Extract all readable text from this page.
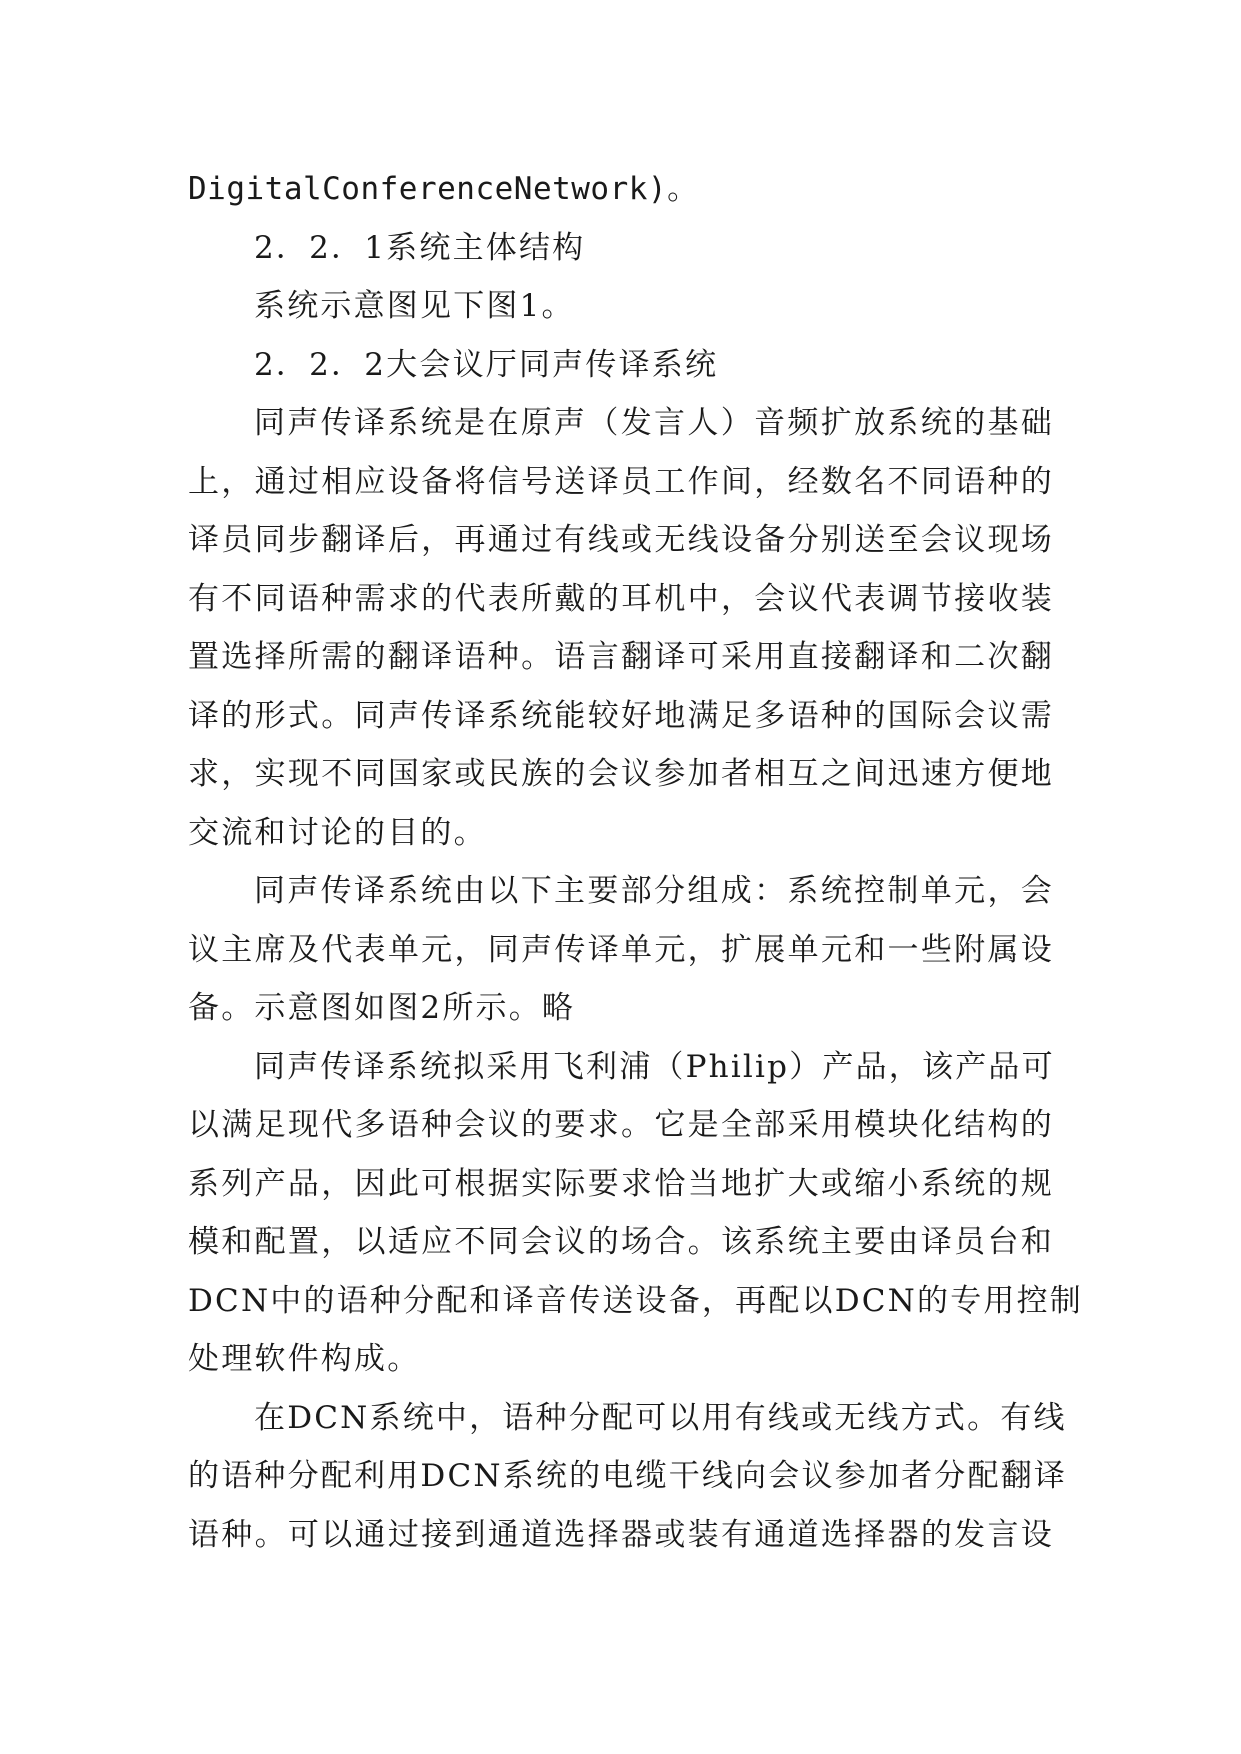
DigitalConferenceNetwork)。
2．2．1系统主体结构
系统示意图见下图1。
2．2．2大会议厅同声传译系统
同声传译系统是在原声（发言人）音频扩放系统的基础
上，通过相应设备将信号送译员工作间，经数名不同语种的
译员同步翻译后，再通过有线或无线设备分别送至会议现场
有不同语种需求的代表所戴的耳机中，会议代表调节接收装
置选择所需的翻译语种。语言翻译可采用直接翻译和二次翻
译的形式。同声传译系统能较好地满足多语种的国际会议需
求，实现不同国家或民族的会议参加者相互之间迅速方便地
交流和讨论的目的。
同声传译系统由以下主要部分组成：系统控制单元，会
议主席及代表单元，同声传译单元，扩展单元和一些附属设
备。示意图如图2所示。略
同声传译系统拟采用飞利浦（Philip）产品，该产品可
以满足现代多语种会议的要求。它是全部采用模块化结构的
系列产品，因此可根据实际要求恰当地扩大或缩小系统的规
模和配置，以适应不同会议的场合。该系统主要由译员台和
DCN中的语种分配和译音传送设备，再配以DCN的专用控制
处理软件构成。
在DCN系统中，语种分配可以用有线或无线方式。有线
的语种分配利用DCN系统的电缆干线向会议参加者分配翻译
语种。可以通过接到通道选择器或装有通道选择器的发言设
